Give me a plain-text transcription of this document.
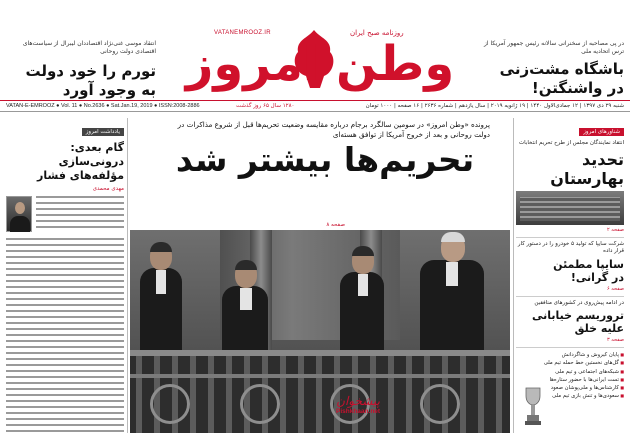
انتقاد موسی غنی‌نژاد اقتصاددان لیبرال از سیاست‌های اقتصادی دولت روحانی
تورم را خود دولت
به وجود آورد
VATANEMROOZ.IR	روزنامه صبح ایران
وطن امروز	در پی مصاحبه از سخنرانی سالانه رئیس جمهور آمریکا از ترس اتحادیه ملی
باشگاه مشت‌زنی
در واشنگتن!
VATAN-E-EMROOZ ● Vol. 11 ● No.2636 ● Sat.Jan.19, 2019 ● ISSN:2008-2886	۱۲۸۰ سال ۶۵ روز گذشت	شنبه ۲۹ دی ۱۳۹۷ | ۱۲ جمادی‌الاول ۱۴۴۰ | ۱۹ ژانویه ۲۰۱۹ | سال یازدهم | شماره ۲۶۳۶ | ۱۶ صفحه | ۱۰۰۰ تومان
یادداشت امروز
گام بعدی: درونی‌سازی مؤلفه‌های فشار
مهدی محمدی
پرونده «وطن امروز» در سومین سالگرد برجام درباره مقایسه وضعیت تحریم‌ها قبل از شروع مذاکرات در دولت روحانی و بعد از خروج آمریکا از توافق هسته‌ای
تحریم‌ها بیشتر شد
صفحه ۸
پیشخوان
Pishkhaan.net
شناورهای امروز
انتقاد نمایندگان مجلس از طرح تحریم انتخابات
تحدید بهارستان
صفحه ۲
شرکت سایپا که تولید ۵ خودرو را در دستور کار قرار داده
سایپا مطمئن
در گرانی!
صفحه ۶
در ادامه پیش‌روی در کشورهای منافقین
تروریسم خیابانی
علیه خلق
صفحه ۳
■ پایان کیروش و شاگردانش
■ گل‌های نخستین خط حمله تیم ملی
■ شبکه‌های اجتماعی و تیم ملی
■ تست ایرانی‌ها با حضور ستاره‌ها
■ کارشناس‌ها و ملی‌پوشان صعود
■ سعودی‌ها و تنش بازی تیم ملی
